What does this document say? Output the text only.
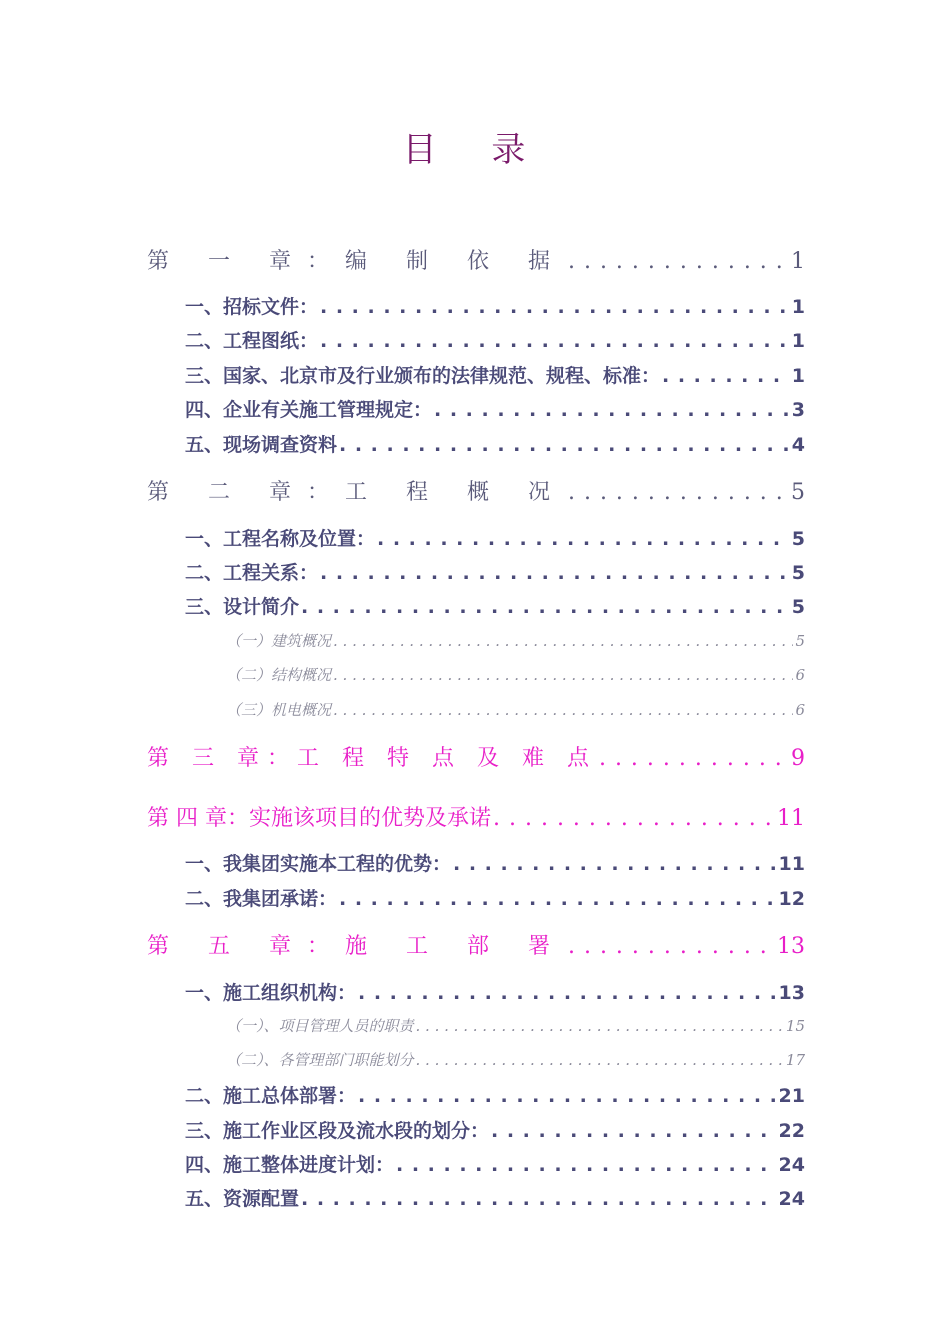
目 录
第 一 章：编 制 依 据 . . .	1
一、招标文件： . . .	1
二、工程图纸： . . .	1
三、国家、北京市及行业颁布的法律规范、规程、标准： . . .	1
四、企业有关施工管理规定： . . .	3
五、现场调查资料 . . .	4
第 二 章：工 程 概 况 . . .	5
一、工程名称及位置： . . .	5
二、工程关系： . . .	5
三、设计简介 . . .	5
（一）建筑概况 . . .	5
（二）结构概况 . . .	6
（三）机电概况 . . .	6
第 三 章：工 程 特 点 及 难 点 . . .	9
第 四 章：实施该项目的优势及承诺 . . .	11
一、我集团实施本工程的优势： . . .	11
二、我集团承诺： . . .	12
第 五 章：施 工 部 署 . . .	13
一、施工组织机构： . . .	13
（一）、项目管理人员的职责 . . .	15
（二）、各管理部门职能划分 . . .	17
二、施工总体部署： . . .	21
三、施工作业区段及流水段的划分： . . .	22
四、施工整体进度计划： . . .	24
五、资源配置 . . .	24
